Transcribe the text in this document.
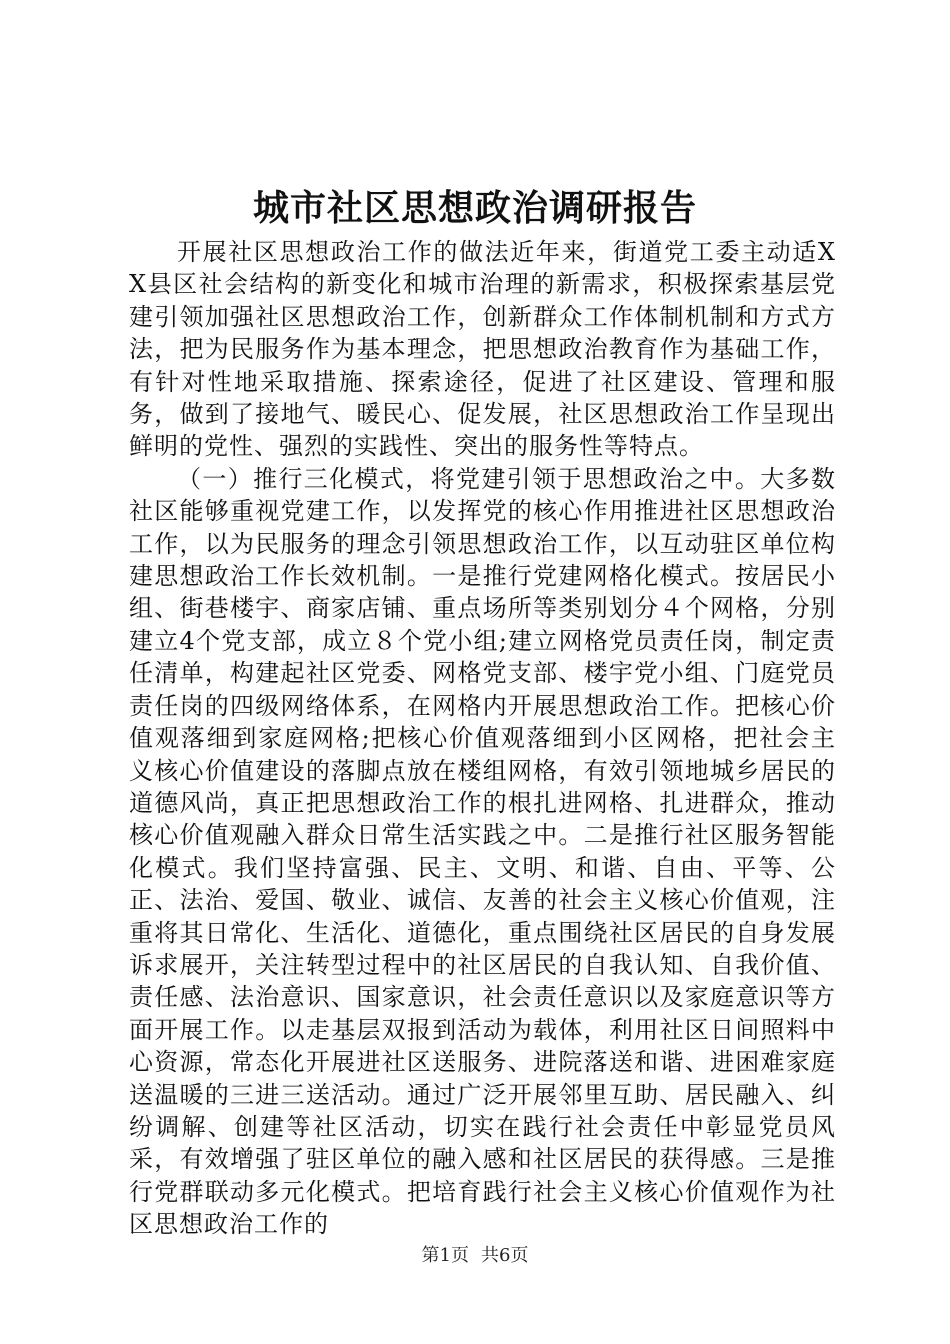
城市社区思想政治调研报告

开展社区思想政治工作的做法近年来，街道党工委主动适XX县区社会结构的新变化和城市治理的新需求，积极探索基层党建引领加强社区思想政治工作，创新群众工作体制机制和方式方法，把为民服务作为基本理念，把思想政治教育作为基础工作，有针对性地采取措施、探索途径，促进了社区建设、管理和服务，做到了接地气、暖民心、促发展，社区思想政治工作呈现出鲜明的党性、强烈的实践性、突出的服务性等特点。

（一）推行三化模式，将党建引领于思想政治之中。大多数社区能够重视党建工作，以发挥党的核心作用推进社区思想政治工作，以为民服务的理念引领思想政治工作，以互动驻区单位构建思想政治工作长效机制。一是推行党建网格化模式。按居民小组、街巷楼宇、商家店铺、重点场所等类别划分４个网格，分别建立4个党支部，成立８个党小组;建立网格党员责任岗，制定责任清单，构建起社区党委、网格党支部、楼宇党小组、门庭党员责任岗的四级网络体系，在网格内开展思想政治工作。把核心价值观落细到家庭网格;把核心价值观落细到小区网格，把社会主义核心价值建设的落脚点放在楼组网格，有效引领地城乡居民的道德风尚，真正把思想政治工作的根扎进网格、扎进群众，推动核心价值观融入群众日常生活实践之中。二是推行社区服务智能化模式。我们坚持富强、民主、文明、和谐、自由、平等、公正、法治、爱国、敬业、诚信、友善的社会主义核心价值观，注重将其日常化、生活化、道德化，重点围绕社区居民的自身发展诉求展开，关注转型过程中的社区居民的自我认知、自我价值、责任感、法治意识、国家意识，社会责任意识以及家庭意识等方面开展工作。以走基层双报到活动为载体，利用社区日间照料中心资源，常态化开展进社区送服务、进院落送和谐、进困难家庭送温暖的三进三送活动。通过广泛开展邻里互助、居民融入、纠纷调解、创建等社区活动，切实在践行社会责任中彰显党员风采，有效增强了驻区单位的融入感和社区居民的获得感。三是推行党群联动多元化模式。把培育践行社会主义核心价值观作为社区思想政治工作的

第1页 共6页
